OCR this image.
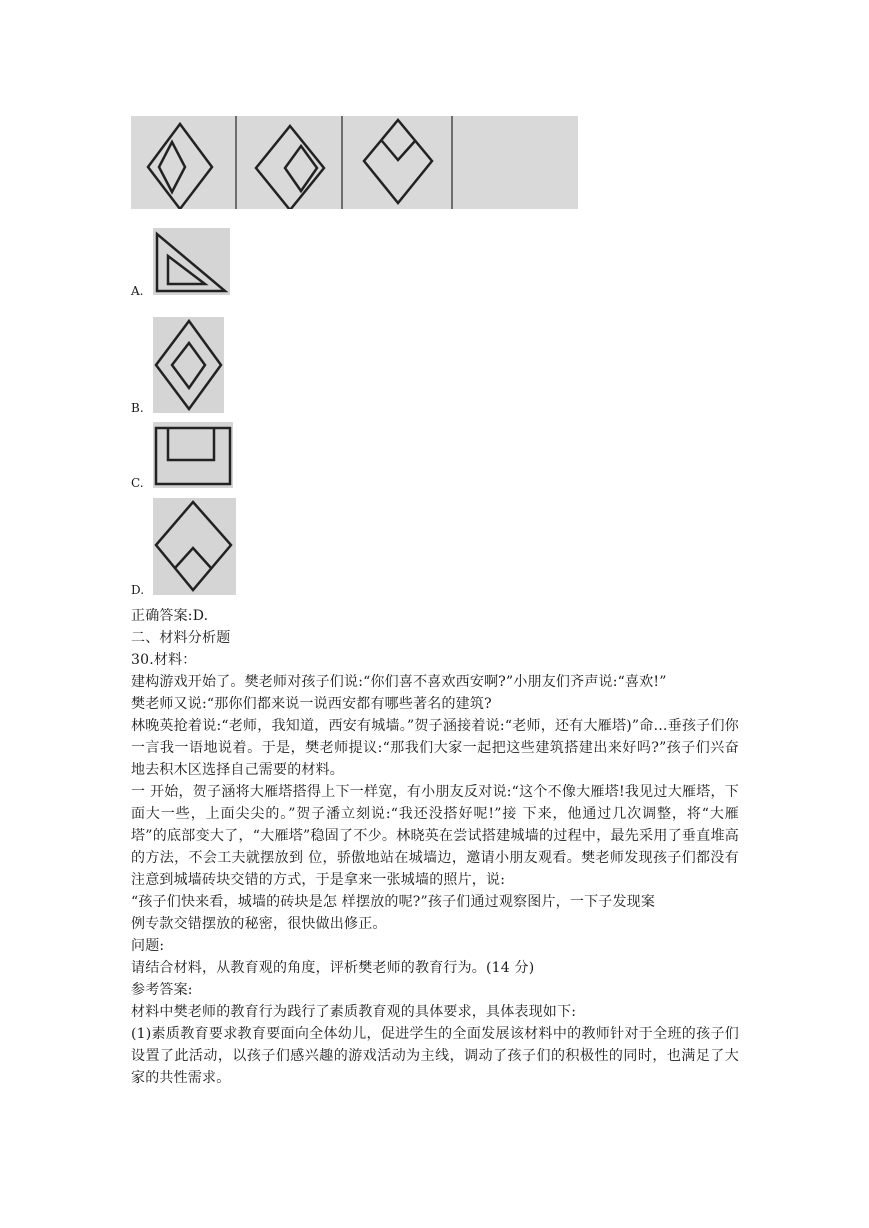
A.
B.
C.
D.
正确答案:D.
二、材料分析题
30.材料：
建构游戏开始了。樊老师对孩子们说:“你们喜不喜欢西安啊?”小朋友们齐声说:“喜欢!”
樊老师又说:“那你们都来说一说西安都有哪些著名的建筑?
林晚英抢着说:“老师，我知道，西安有城墙。”贺子涵接着说:“老师，还有大雁塔)”命…垂孩子们你一言我一语地说着。于是，樊老师提议:“那我们大家一起把这些建筑搭建出来好吗?”孩子们兴奋地去积木区选择自己需要的材料。
一 开始，贺子涵将大雁塔搭得上下一样宽，有小朋友反对说:“这个不像大雁塔!我见过大雁塔，下面大一些，上面尖尖的。”贺子潘立刻说:“我还没搭好呢!”接 下来，他通过几次调整，将“大雁塔”的底部变大了，“大雁塔”稳固了不少。林晓英在尝试搭建城墙的过程中，最先采用了垂直堆高的方法，不会工夫就摆放到 位，骄傲地站在城墙边，邀请小朋友观看。樊老师发现孩子们都没有注意到城墙砖块交错的方式，于是拿来一张城墙的照片，说:
“孩子们快来看，城墙的砖块是怎 样摆放的呢?”孩子们通过观察图片，一下子发现案
例专款交错摆放的秘密，很快做出修正。
问题:
请结合材料，从教育观的角度，评析樊老师的教育行为。(14 分)
参考答案:
材料中樊老师的教育行为践行了素质教育观的具体要求，具体表现如下:
(1)素质教育要求教育要面向全体幼儿，促进学生的全面发展该材料中的教师针对于全班的孩子们设置了此活动，以孩子们感兴趣的游戏活动为主线，调动了孩子们的积极性的同时，也满足了大家的共性需求。
